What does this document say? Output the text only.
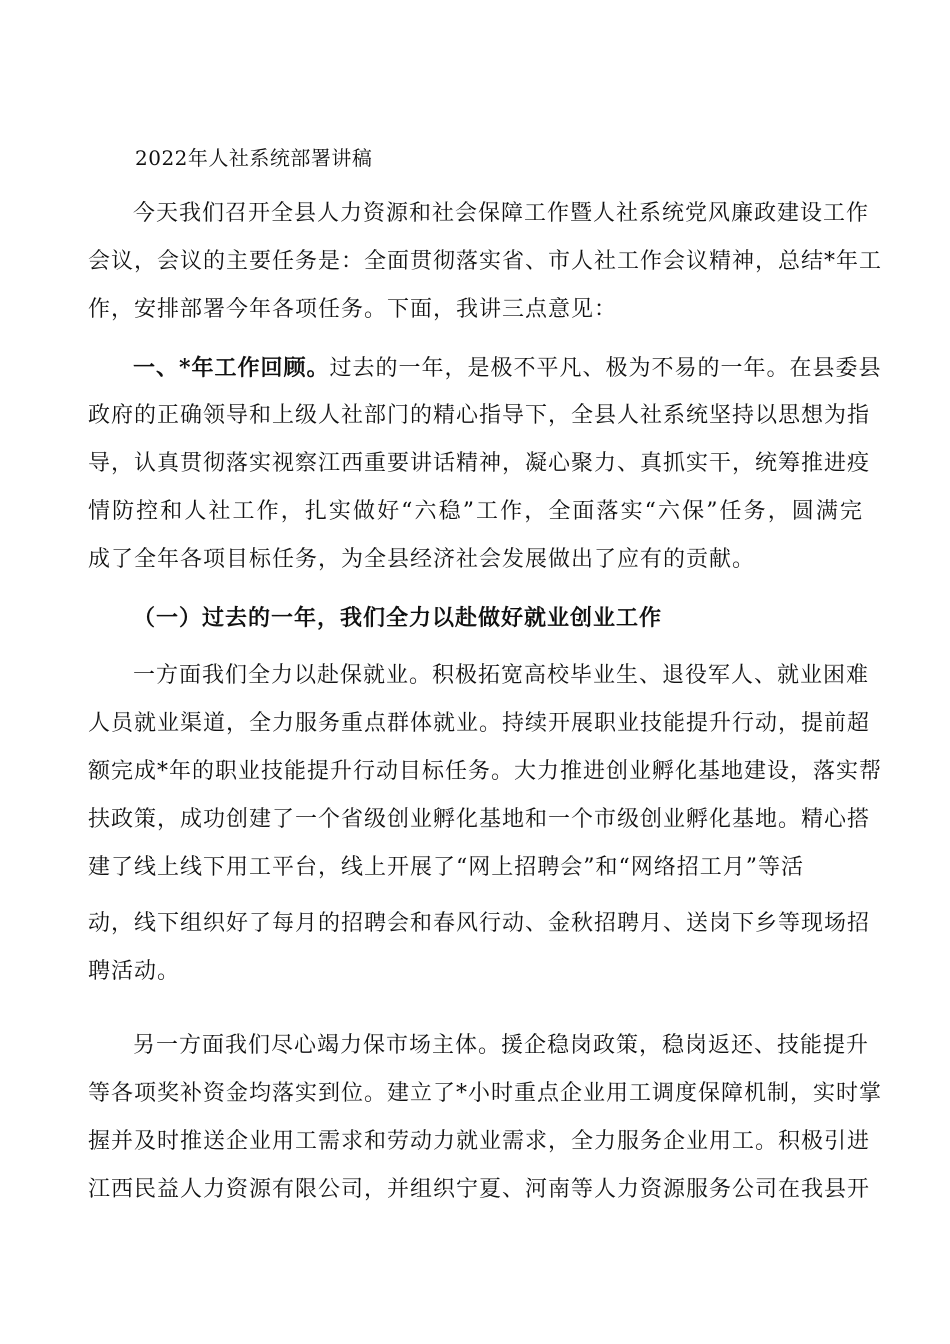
2022年人社系统部署讲稿
今天我们召开全县人力资源和社会保障工作暨人社系统党风廉政建设工作
会议，会议的主要任务是：全面贯彻落实省、市人社工作会议精神，总结*年工
作，安排部署今年各项任务。下面，我讲三点意见：
一、*年工作回顾。过去的一年，是极不平凡、极为不易的一年。在县委县
政府的正确领导和上级人社部门的精心指导下，全县人社系统坚持以思想为指
导，认真贯彻落实视察江西重要讲话精神，凝心聚力、真抓实干，统筹推进疫
情防控和人社工作，扎实做好“六稳”工作，全面落实“六保”任务，圆满完
成了全年各项目标任务，为全县经济社会发展做出了应有的贡献。
（一）过去的一年，我们全力以赴做好就业创业工作
一方面我们全力以赴保就业。积极拓宽高校毕业生、退役军人、就业困难
人员就业渠道，全力服务重点群体就业。持续开展职业技能提升行动，提前超
额完成*年的职业技能提升行动目标任务。大力推进创业孵化基地建设，落实帮
扶政策，成功创建了一个省级创业孵化基地和一个市级创业孵化基地。精心搭
建了线上线下用工平台，线上开展了“网上招聘会”和“网络招工月”等活
动，线下组织好了每月的招聘会和春风行动、金秋招聘月、送岗下乡等现场招
聘活动。
另一方面我们尽心竭力保市场主体。援企稳岗政策，稳岗返还、技能提升
等各项奖补资金均落实到位。建立了*小时重点企业用工调度保障机制，实时掌
握并及时推送企业用工需求和劳动力就业需求，全力服务企业用工。积极引进
江西民益人力资源有限公司，并组织宁夏、河南等人力资源服务公司在我县开
